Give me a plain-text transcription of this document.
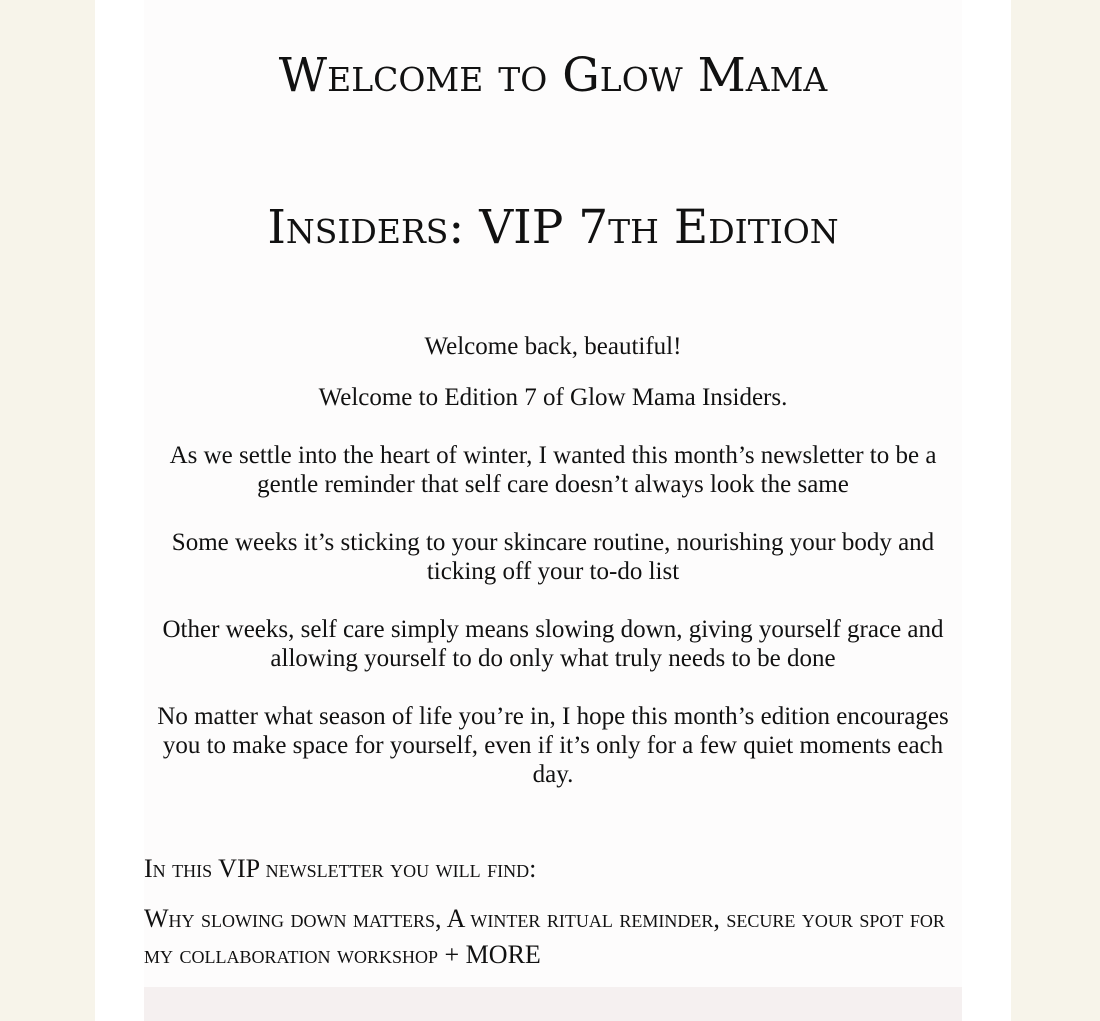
Welcome to Glow Mama
Insiders: VIP 7th Edition

Welcome back, beautiful!

Welcome to Edition 7 of Glow Mama Insiders.

As we settle into the heart of winter, I wanted this month’s newsletter to be a gentle reminder that self care doesn’t always look the same

Some weeks it’s sticking to your skincare routine, nourishing your body and ticking off your to-do list

Other weeks, self care simply means slowing down, giving yourself grace and allowing yourself to do only what truly needs to be done

No matter what season of life you’re in, I hope this month’s edition encourages you to make space for yourself, even if it’s only for a few quiet moments each day.

In this VIP newsletter you will find:

Why slowing down matters, A winter ritual reminder, secure your spot for my collaboration workshop + MORE
